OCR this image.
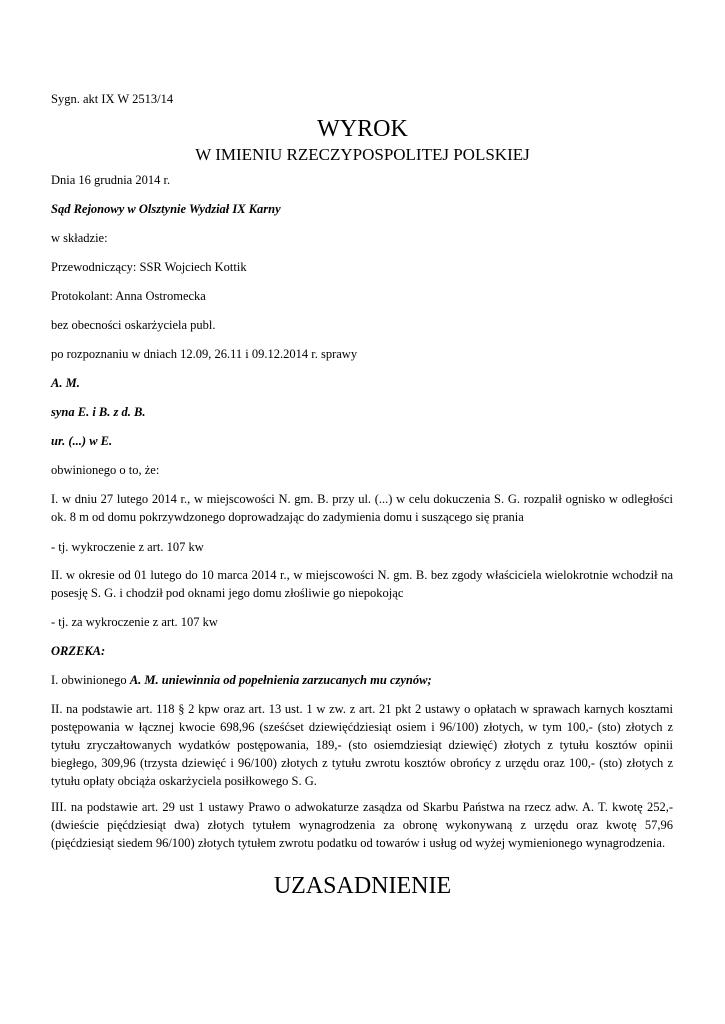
Sygn. akt IX W 2513/14
WYROK
W IMIENIU RZECZYPOSPOLITEJ POLSKIEJ
Dnia 16 grudnia 2014 r.
Sąd Rejonowy w Olsztynie Wydział IX Karny
w składzie:
Przewodniczący: SSR Wojciech Kottik
Protokolant: Anna Ostromecka
bez obecności oskarżyciela publ.
po rozpoznaniu w dniach 12.09, 26.11 i 09.12.2014 r. sprawy
A. M.
syna E. i B. z d. B.
ur. (...) w E.
obwinionego o to, że:
I. w dniu 27 lutego 2014 r., w miejscowości N. gm. B. przy ul. (...) w celu dokuczenia S. G. rozpalił ognisko w odległości ok. 8 m od domu pokrzywdzonego doprowadzając do zadymienia domu i suszącego się prania
- tj. wykroczenie z art. 107 kw
II. w okresie od 01 lutego do 10 marca 2014 r., w miejscowości N. gm. B. bez zgody właściciela wielokrotnie wchodził na posesję S. G. i chodził pod oknami jego domu złośliwie go niepokojąc
- tj. za wykroczenie z art. 107 kw
ORZEKA:
I. obwinionego A. M. uniewinnia od popełnienia zarzucanych mu czynów;
II. na podstawie art. 118 § 2 kpw oraz art. 13 ust. 1 w zw. z art. 21 pkt 2 ustawy o opłatach w sprawach karnych kosztami postępowania w łącznej kwocie 698,96 (sześćset dziewięćdziesiąt osiem i 96/100) złotych, w tym 100,- (sto) złotych z tytułu zryczałtowanych wydatków postępowania, 189,- (sto osiemdziesiąt dziewięć) złotych z tytułu kosztów opinii biegłego, 309,96 (trzysta dziewięć i 96/100) złotych z tytułu zwrotu kosztów obrońcy z urzędu oraz 100,- (sto) złotych z tytułu opłaty obciąża oskarżyciela posiłkowego S. G.
III. na podstawie art. 29 ust 1 ustawy Prawo o adwokaturze zasądza od Skarbu Państwa na rzecz adw. A. T. kwotę 252,- (dwieście pięćdziesiąt dwa) złotych tytułem wynagrodzenia za obronę wykonywaną z urzędu oraz kwotę 57,96 (pięćdziesiąt siedem 96/100) złotych tytułem zwrotu podatku od towarów i usług od wyżej wymienionego wynagrodzenia.
UZASADNIENIE
